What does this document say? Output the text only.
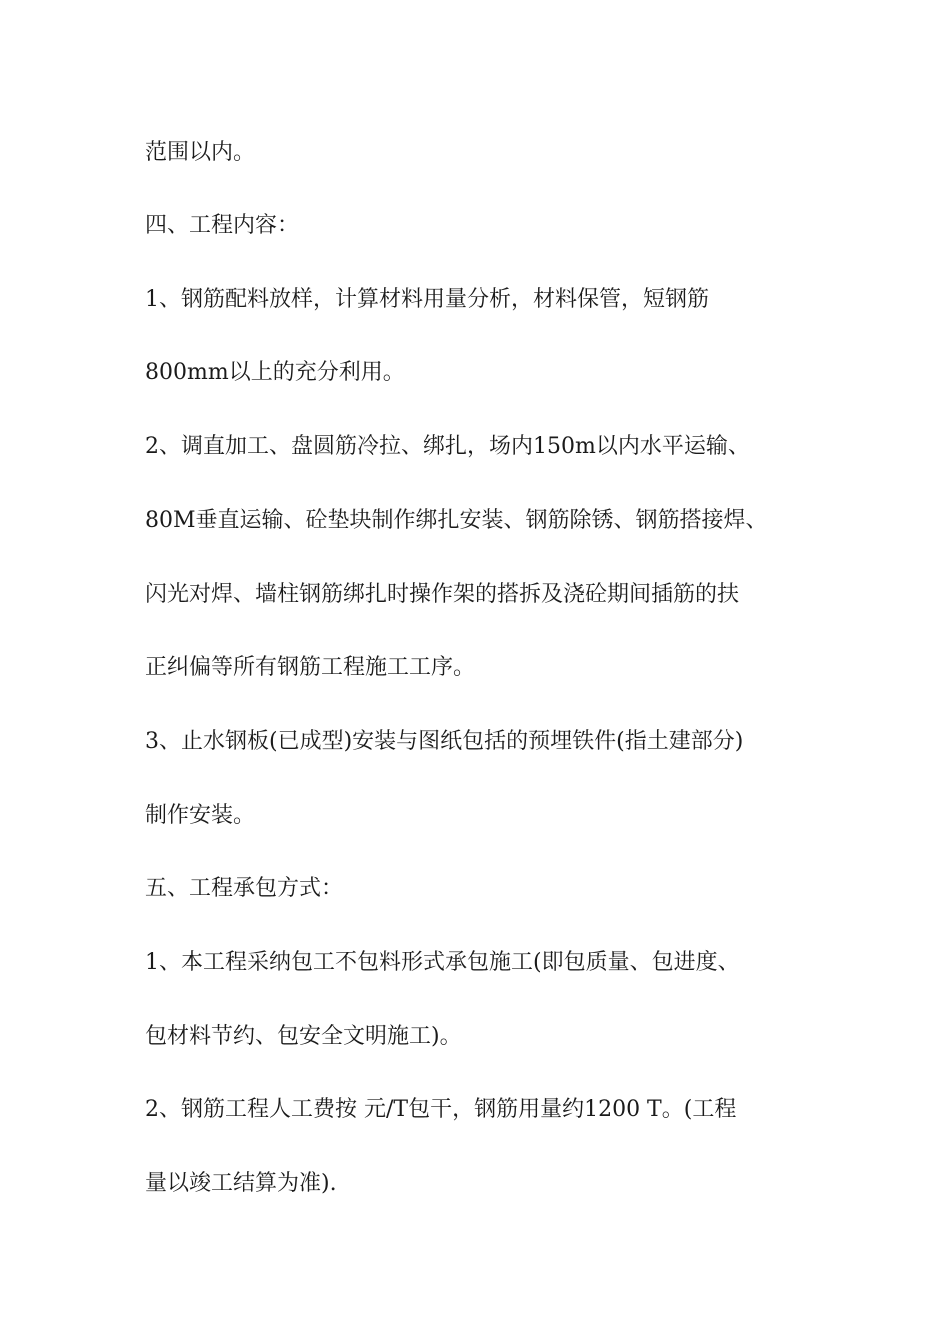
范围以内。
四、工程内容：
1、钢筋配料放样，计算材料用量分析，材料保管，短钢筋
800mm以上的充分利用。
2、调直加工、盘圆筋冷拉、绑扎，场内150m以内水平运输、
80M垂直运输、砼垫块制作绑扎安装、钢筋除锈、钢筋搭接焊、
闪光对焊、墙柱钢筋绑扎时操作架的搭拆及浇砼期间插筋的扶
正纠偏等所有钢筋工程施工工序。
3、止水钢板(已成型)安装与图纸包括的预埋铁件(指土建部分)
制作安装。
五、工程承包方式：
1、本工程采纳包工不包料形式承包施工(即包质量、包进度、
包材料节约、包安全文明施工)。
2、钢筋工程人工费按 元/T包干，钢筋用量约1200 T。(工程
量以竣工结算为准).
